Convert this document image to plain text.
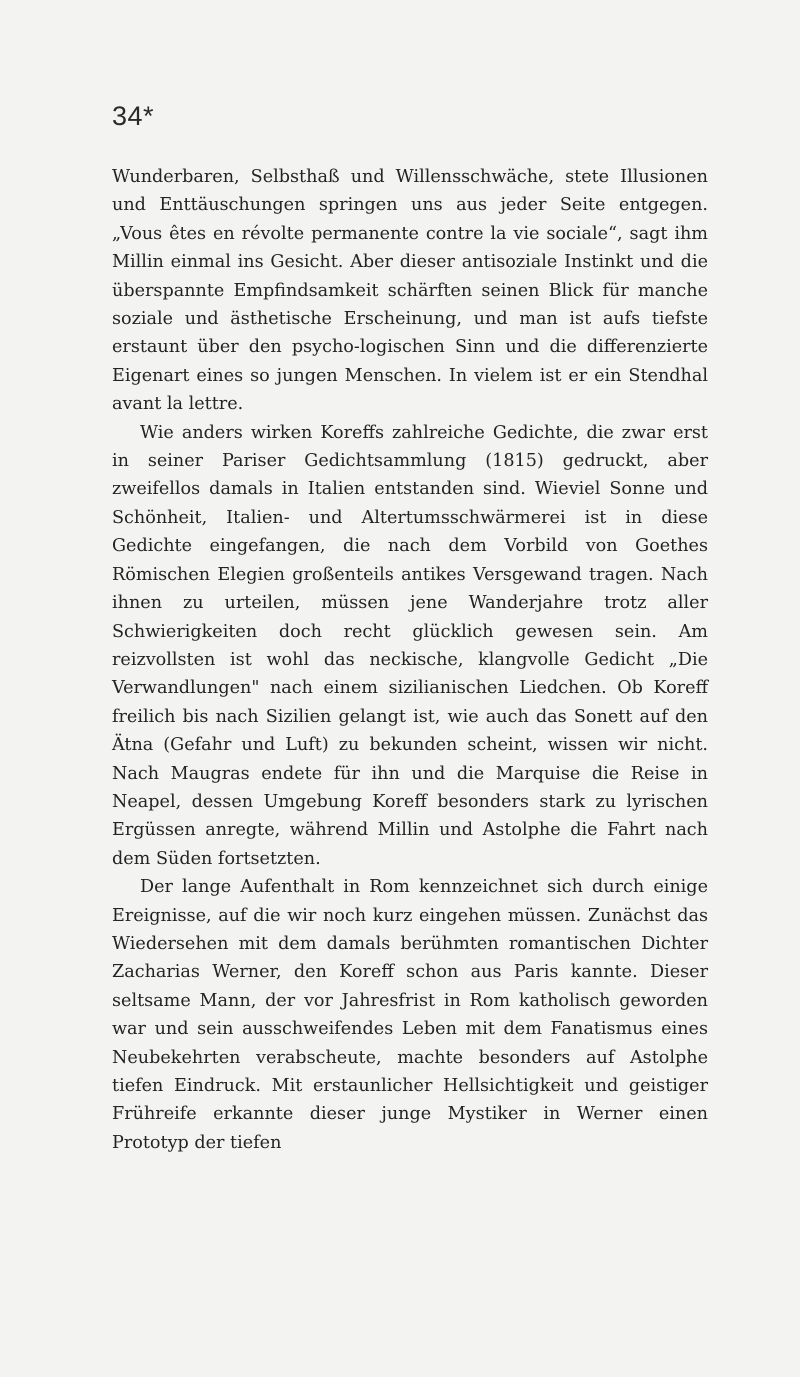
34*

Wunderbaren, Selbsthaß und Willensschwäche, stete Illusionen und Enttäuschungen springen uns aus jeder Seite entgegen. „Vous êtes en révolte permanente contre la vie sociale“, sagt ihm Millin einmal ins Gesicht. Aber dieser antisoziale Instinkt und die überspannte Empfindsamkeit schärften seinen Blick für manche soziale und ästhetische Erscheinung, und man ist aufs tiefste erstaunt über den psycho-logischen Sinn und die differenzierte Eigenart eines so jungen Menschen. In vielem ist er ein Stendhal avant la lettre.

Wie anders wirken Koreffs zahlreiche Gedichte, die zwar erst in seiner Pariser Gedichtsammlung (1815) gedruckt, aber zweifellos damals in Italien entstanden sind. Wieviel Sonne und Schönheit, Italien- und Altertumsschwärmerei ist in diese Gedichte eingefangen, die nach dem Vorbild von Goethes Römischen Elegien großenteils antikes Versgewand tragen. Nach ihnen zu urteilen, müssen jene Wanderjahre trotz aller Schwierigkeiten doch recht glücklich gewesen sein. Am reizvollsten ist wohl das neckische, klangvolle Gedicht „Die Verwandlungen" nach einem sizilianischen Liedchen. Ob Koreff freilich bis nach Sizilien gelangt ist, wie auch das Sonett auf den Ätna (Gefahr und Luft) zu bekunden scheint, wissen wir nicht. Nach Maugras endete für ihn und die Marquise die Reise in Neapel, dessen Umgebung Koreff besonders stark zu lyrischen Ergüssen anregte, während Millin und Astolphe die Fahrt nach dem Süden fortsetzten.

Der lange Aufenthalt in Rom kennzeichnet sich durch einige Ereignisse, auf die wir noch kurz eingehen müssen. Zunächst das Wiedersehen mit dem damals berühmten romantischen Dichter Zacharias Werner, den Koreff schon aus Paris kannte. Dieser seltsame Mann, der vor Jahresfrist in Rom katholisch geworden war und sein ausschweifendes Leben mit dem Fanatismus eines Neubekehrten verabscheute, machte besonders auf Astolphe tiefen Eindruck. Mit erstaunlicher Hellsichtigkeit und geistiger Frühreife erkannte dieser junge Mystiker in Werner einen Prototyp der tiefen
